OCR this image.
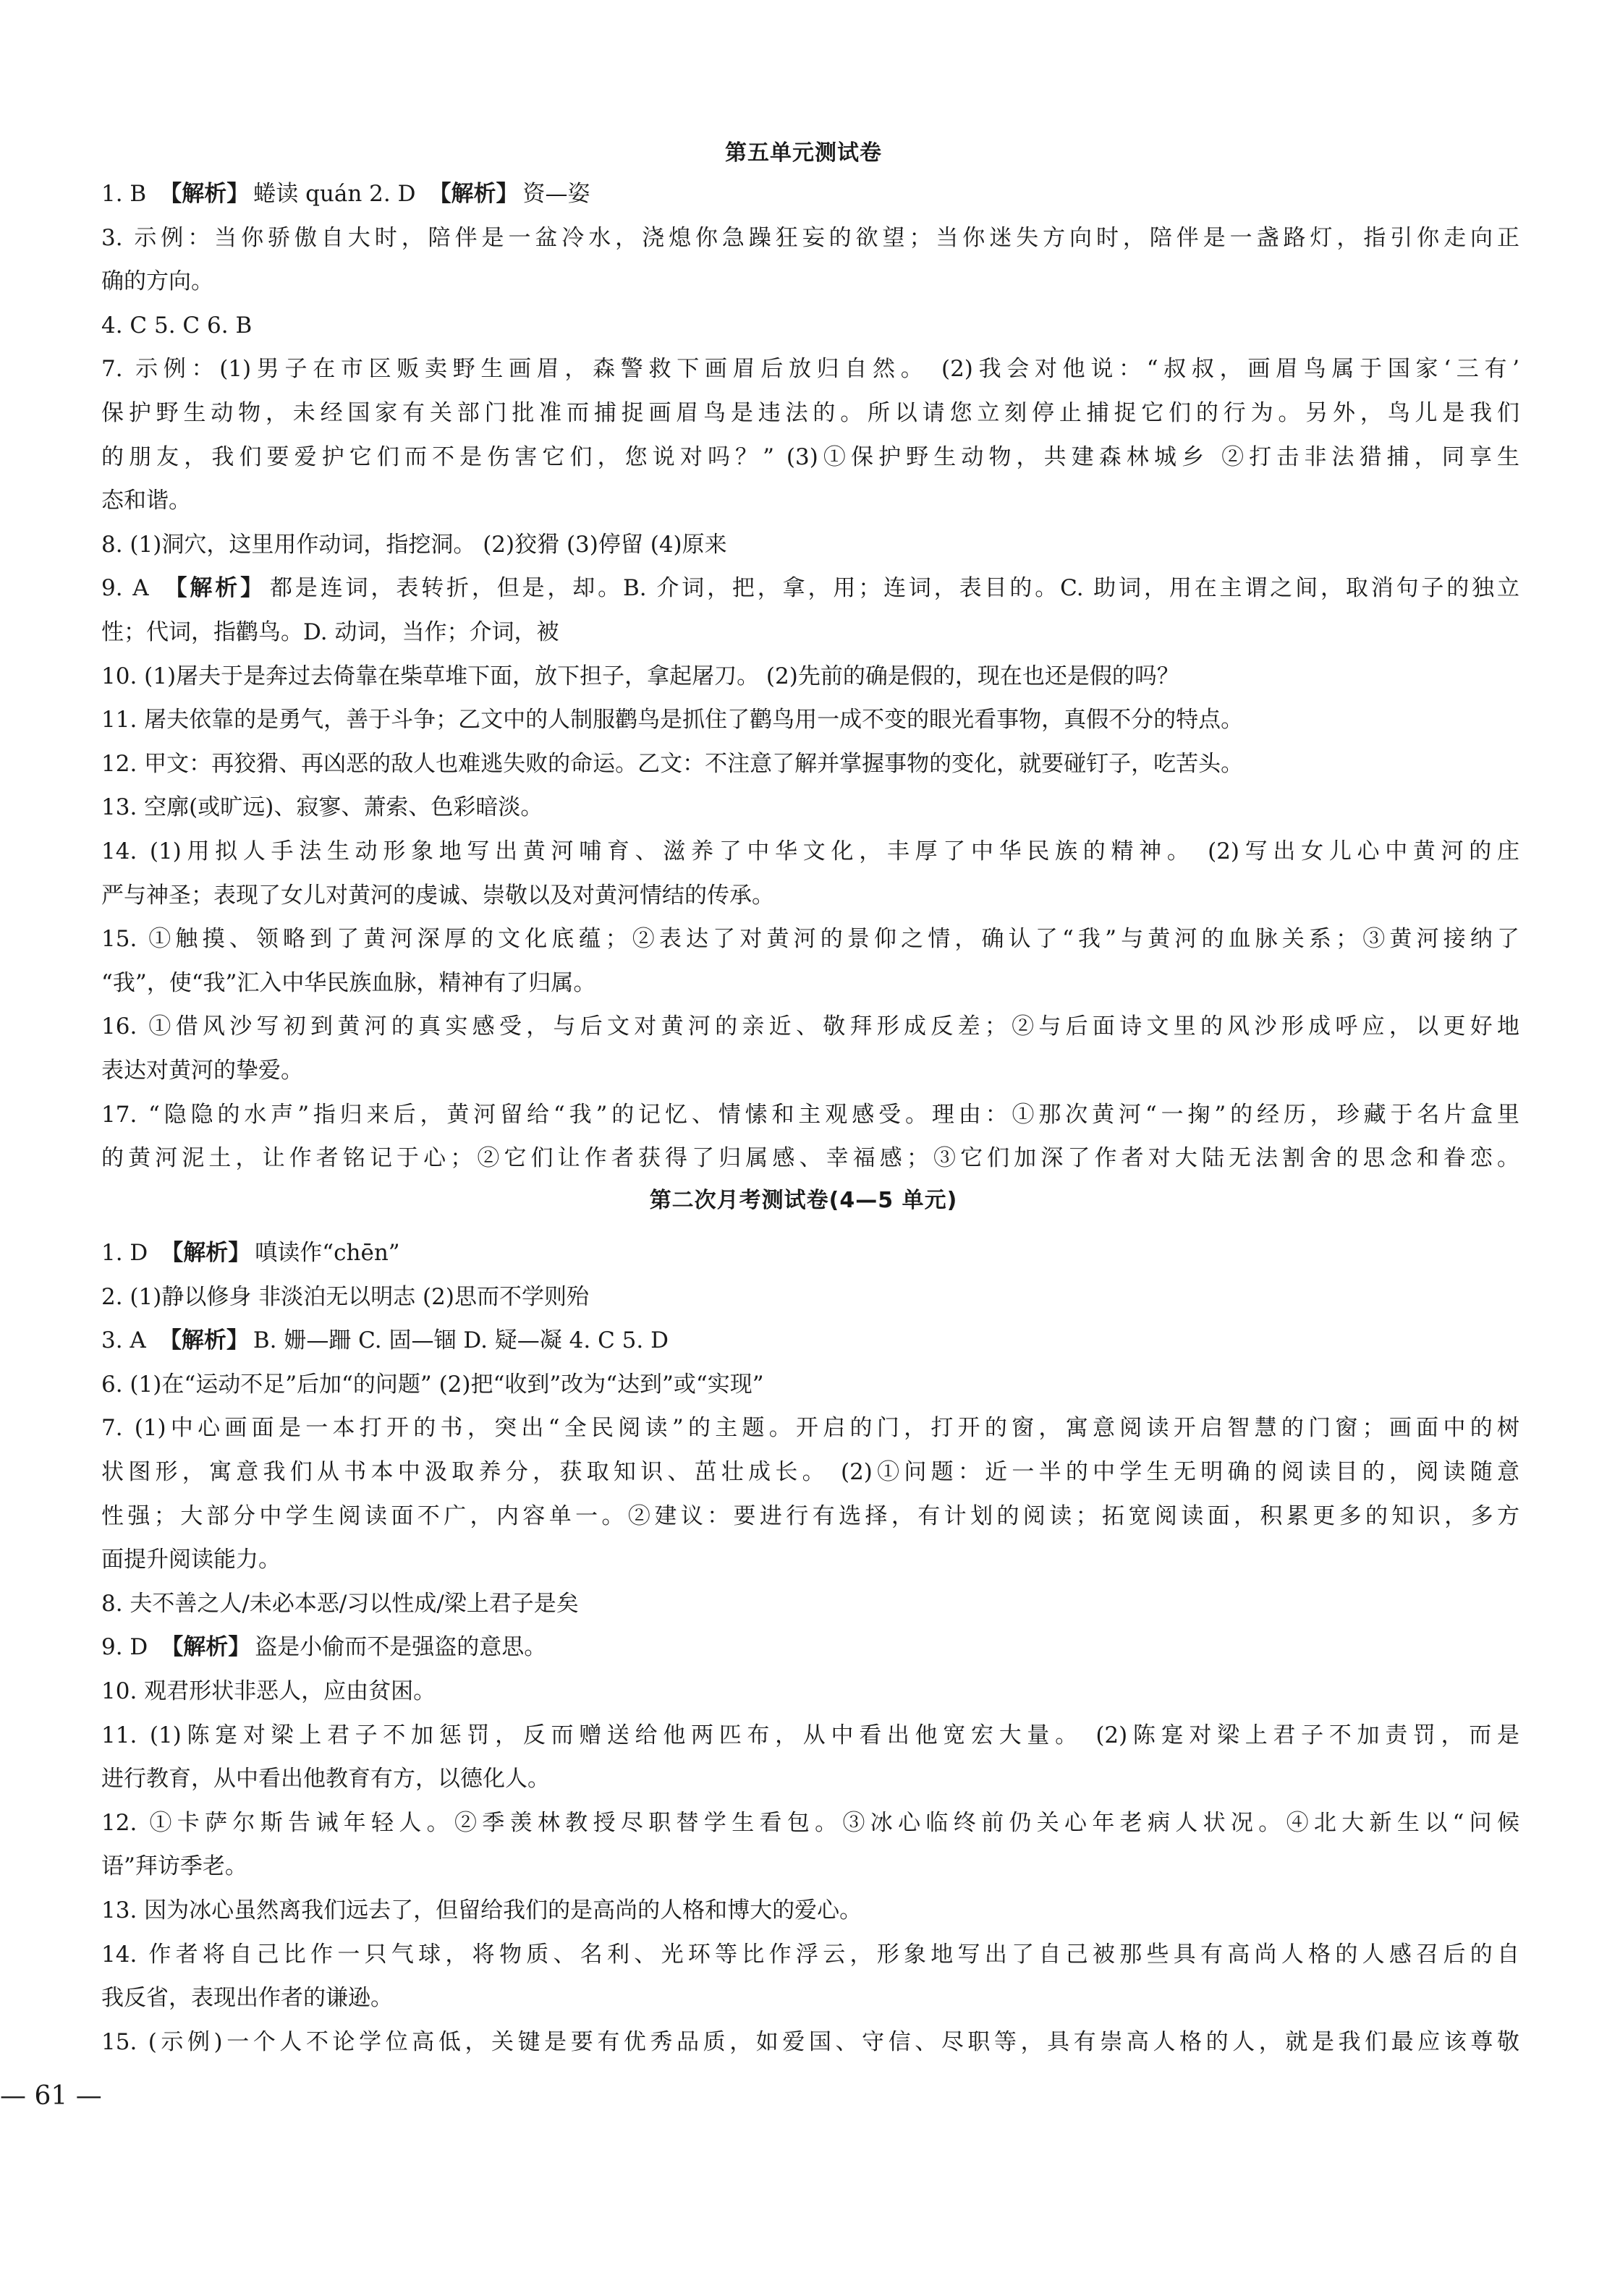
第五单元测试卷
1. B 【解析】 蜷读 quán 2. D 【解析】 资—姿
3. 示例：当你骄傲自大时，陪伴是一盆冷水，浇熄你急躁狂妄的欲望；当你迷失方向时，陪伴是一盏路灯，指引你走向正
确的方向。
4. C 5. C 6. B
7. 示例：(1)男子在市区贩卖野生画眉，森警救下画眉后放归自然。 (2)我会对他说：“叔叔，画眉鸟属于国家‘三有’
保护野生动物，未经国家有关部门批准而捕捉画眉鸟是违法的。所以请您立刻停止捕捉它们的行为。另外，鸟儿是我们
的朋友，我们要爱护它们而不是伤害它们，您说对吗？” (3)①保护野生动物，共建森林城乡 ②打击非法猎捕，同享生
态和谐。
8. (1)洞穴，这里用作动词，指挖洞。 (2)狡猾 (3)停留 (4)原来
9. A 【解析】 都是连词，表转折，但是，却。B. 介词，把，拿，用；连词，表目的。C. 助词，用在主谓之间，取消句子的独立
性；代词，指鹳鸟。D. 动词，当作；介词，被
10. (1)屠夫于是奔过去倚靠在柴草堆下面，放下担子，拿起屠刀。 (2)先前的确是假的，现在也还是假的吗？
11. 屠夫依靠的是勇气，善于斗争；乙文中的人制服鹳鸟是抓住了鹳鸟用一成不变的眼光看事物，真假不分的特点。
12. 甲文：再狡猾、再凶恶的敌人也难逃失败的命运。乙文：不注意了解并掌握事物的变化，就要碰钉子，吃苦头。
13. 空廓(或旷远)、寂寥、萧索、色彩暗淡。
14. (1)用拟人手法生动形象地写出黄河哺育、滋养了中华文化，丰厚了中华民族的精神。 (2)写出女儿心中黄河的庄
严与神圣；表现了女儿对黄河的虔诚、崇敬以及对黄河情结的传承。
15. ①触摸、领略到了黄河深厚的文化底蕴；②表达了对黄河的景仰之情，确认了“我”与黄河的血脉关系；③黄河接纳了
“我”，使“我”汇入中华民族血脉，精神有了归属。
16. ①借风沙写初到黄河的真实感受，与后文对黄河的亲近、敬拜形成反差；②与后面诗文里的风沙形成呼应，以更好地
表达对黄河的挚爱。
17. “隐隐的水声”指归来后，黄河留给“我”的记忆、情愫和主观感受。理由：①那次黄河“一掬”的经历，珍藏于名片盒里
的黄河泥土，让作者铭记于心；②它们让作者获得了归属感、幸福感；③它们加深了作者对大陆无法割舍的思念和眷恋。
第二次月考测试卷(4—5 单元)
1. D 【解析】 嗔读作“chēn”
2. (1)静以修身 非淡泊无以明志 (2)思而不学则殆
3. A 【解析】 B. 姗—跚 C. 固—锢 D. 疑—凝 4. C 5. D
6. (1)在“运动不足”后加“的问题” (2)把“收到”改为“达到”或“实现”
7. (1)中心画面是一本打开的书，突出“全民阅读”的主题。开启的门，打开的窗，寓意阅读开启智慧的门窗；画面中的树
状图形，寓意我们从书本中汲取养分，获取知识、茁壮成长。 (2)①问题：近一半的中学生无明确的阅读目的，阅读随意
性强；大部分中学生阅读面不广，内容单一。②建议：要进行有选择，有计划的阅读；拓宽阅读面，积累更多的知识，多方
面提升阅读能力。
8. 夫不善之人/未必本恶/习以性成/梁上君子是矣
9. D 【解析】 盗是小偷而不是强盗的意思。
10. 观君形状非恶人，应由贫困。
11. (1)陈寔对梁上君子不加惩罚，反而赠送给他两匹布，从中看出他宽宏大量。 (2)陈寔对梁上君子不加责罚，而是
进行教育，从中看出他教育有方，以德化人。
12. ①卡萨尔斯告诫年轻人。②季羡林教授尽职替学生看包。③冰心临终前仍关心年老病人状况。④北大新生以“问候
语”拜访季老。
13. 因为冰心虽然离我们远去了，但留给我们的是高尚的人格和博大的爱心。
14. 作者将自己比作一只气球，将物质、名利、光环等比作浮云，形象地写出了自己被那些具有高尚人格的人感召后的自
我反省，表现出作者的谦逊。
15. (示例)一个人不论学位高低，关键是要有优秀品质，如爱国、守信、尽职等，具有崇高人格的人，就是我们最应该尊敬
— 61 —
